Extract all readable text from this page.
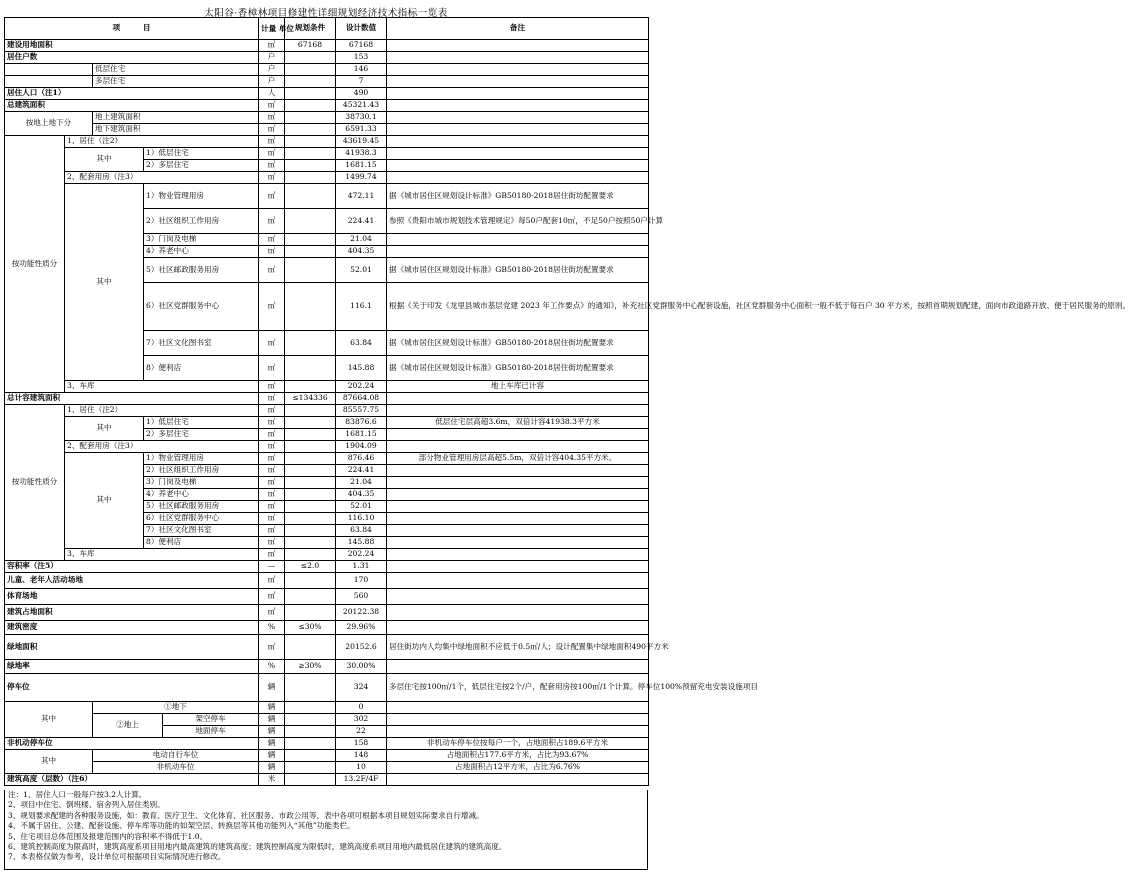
太阳谷·香樟林项目修建性详细规划经济技术指标一览表
项　　　目					计量 单位	规划条件	设计数值	备注
建设用地面积					㎡	67168	67168	
居住户数					户		153	
		低层住宅			户		146	
		多层住宅			户		7	
居住人口（注1）					人		490	
总建筑面积					㎡		45321.43	
按地上地下分		地上建筑面积			㎡		38730.1	
		地下建筑面积			㎡		6591.33	
按功能性质分	1、居住（注2）				㎡		43619.45	
	其中		1）低层住宅		㎡		41938.3	
			2）多层住宅		㎡		1681.15	
	2、配套用房（注3）				㎡		1499.74	
	其中		1）物业管理用房		㎡		472.11	据《城市居住区规划设计标准》GB50180-2018居住街坊配置要求
			2）社区组织工作用房		㎡		224.41	参照《贵阳市城市规划技术管理规定》每50户配套10㎡，不足50户按照50户计算
			3）门岗及电梯		㎡		21.04	
			4）养老中心		㎡		404.35	
			5）社区邮政服务用房		㎡		52.01	据《城市居住区规划设计标准》GB50180-2018居住街坊配置要求
			6）社区党群服务中心		㎡		116.1	根据《关于印发《龙里县城市基层党建 2023 年工作要点》的通知》，补充社区党群服务中心配套设施，社区党群服务中心面积一般不低于每百户 30 平方米，按照首期规划配建，面向市政道路开放、便于居民服务的原则。
			7）社区文化图书室		㎡		63.84	据《城市居住区规划设计标准》GB50180-2018居住街坊配置要求
			8）便利店		㎡		145.88	据《城市居住区规划设计标准》GB50180-2018居住街坊配置要求
	3、车库				㎡		202.24	地上车库已计容
总计容建筑面积					㎡	≤134336	87664.08	
按功能性质分	1、居住（注2）				㎡		85557.75	
	其中		1）低层住宅		㎡		83876.6	低层住宅层高超3.6m，双倍计容41938.3平方米
			2）多层住宅		㎡		1681.15	
	2、配套用房（注3）				㎡		1904.09	
	其中		1）物业管理用房		㎡		876.46	部分物业管理用房层高超5.5m，双倍计容404.35平方米。
			2）社区组织工作用房		㎡		224.41	
			3）门岗及电梯		㎡		21.04	
			4）养老中心		㎡		404.35	
			5）社区邮政服务用房		㎡		52.01	
			6）社区党群服务中心		㎡		116.10	
			7）社区文化图书室		㎡		63.84	
			8）便利店		㎡		145.88	
	3、车库				㎡		202.24	
容积率（注5）					—	≤2.0	1.31	
儿童、老年人活动场地					㎡		170	
体育场地					㎡		560	
建筑占地面积					㎡		20122.38	
建筑密度					%	≤30%	29.96%	
绿地面积					㎡		20152.6	居住街坊内人均集中绿地面积不应低于0.5㎡/人；设计配置集中绿地面积490平方米
绿地率					%	≥30%	30.00%	
停车位					辆		324	多层住宅按100㎡/1个，低层住宅按2个/户，配套用房按100㎡/1个计算。停车位100%预留充电安装设施项目
其中		①地下			辆		0	
		②地上		架空停车	辆		302	
				地面停车	辆		22	
非机动停车位					辆		158	非机动车停车位按每户一个，占地面积占189.6平方米
其中		电动自行车位			辆		148	占地面积占177.6平方米，占比为93.67%
		非机动车位			辆		10	占地面积占12平方米，占比为6.76%
建筑高度（层数）（注6）					米		13.2F/4F	
注：1、居住人口一般每户按3.2人计算。
2、项目中住宅、倒班楼、宿舍列入居住类别。
3、规划要求配建的各种服务设施，如：教育、医疗卫生、文化体育、社区服务、市政公用等，表中各项可根据本项目规划实际要求自行增减。
4、不属于居住、公建、配套设施、停车库等功能的如架空层、转换层等其他功能列入“其他”功能类栏。
5、住宅项目总体范围及报建范围内的容积率不得低于1.0。
6、建筑控制高度为限高时，建筑高度系项目用地内最高建筑的建筑高度；建筑控制高度为限低时，建筑高度系项目用地内最低居住建筑的建筑高度。
7、本表格仅做为参考，设计单位可根据项目实际情况进行修改。
